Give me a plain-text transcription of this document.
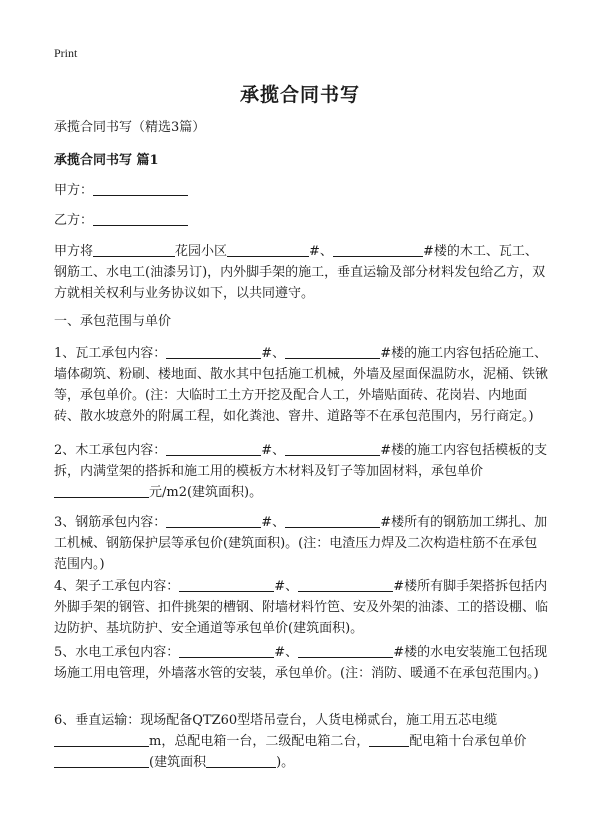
Print
承揽合同书写
承揽合同书写（精选3篇）
承揽合同书写 篇1
甲方：
乙方：
甲方将	花园小区	#、	#楼的木工、瓦工、钢筋工、水电工(油漆另订)，内外脚手架的施工，垂直运输及部分材料发包给乙方，双方就相关权利与业务协议如下，以共同遵守。
一、承包范围与单价
1、瓦工承包内容：	#、	#楼的施工内容包括砼施工、墙体砌筑、粉刷、楼地面、散水其中包括施工机械，外墙及屋面保温防水，泥桶、铁锹等，承包单价。(注：大临时工土方开挖及配合人工，外墙贴面砖、花岗岩、内地面砖、散水坡意外的附属工程，如化粪池、窨井、道路等不在承包范围内，另行商定。)
2、木工承包内容：	#、	#楼的施工内容包括模板的支拆，内满堂架的搭拆和施工用的模板方木材料及钉子等加固材料，承包单价元/m2(建筑面积)。
3、钢筋承包内容：	#、	#楼所有的钢筋加工绑扎、加工机械、钢筋保护层等承包价(建筑面积)。(注：电渣压力焊及二次构造柱筋不在承包范围内。)
4、架子工承包内容：	#、	#楼所有脚手架搭拆包括内外脚手架的钢管、扣件挑架的槽钢、附墙材料竹笆、安及外架的油漆、工的搭设棚、临边防护、基坑防护、安全通道等承包单价(建筑面积)。
5、水电工承包内容：	#、	#楼的水电安装施工包括现场施工用电管理，外墙落水管的安装，承包单价。(注：消防、暖通不在承包范围内。)
6、垂直运输：现场配备QTZ60型塔吊壹台，人货电梯贰台，施工用五芯电缆m，总配电箱一台，二级配电箱二台，	配电箱十台承包单价(建筑面积	)。
